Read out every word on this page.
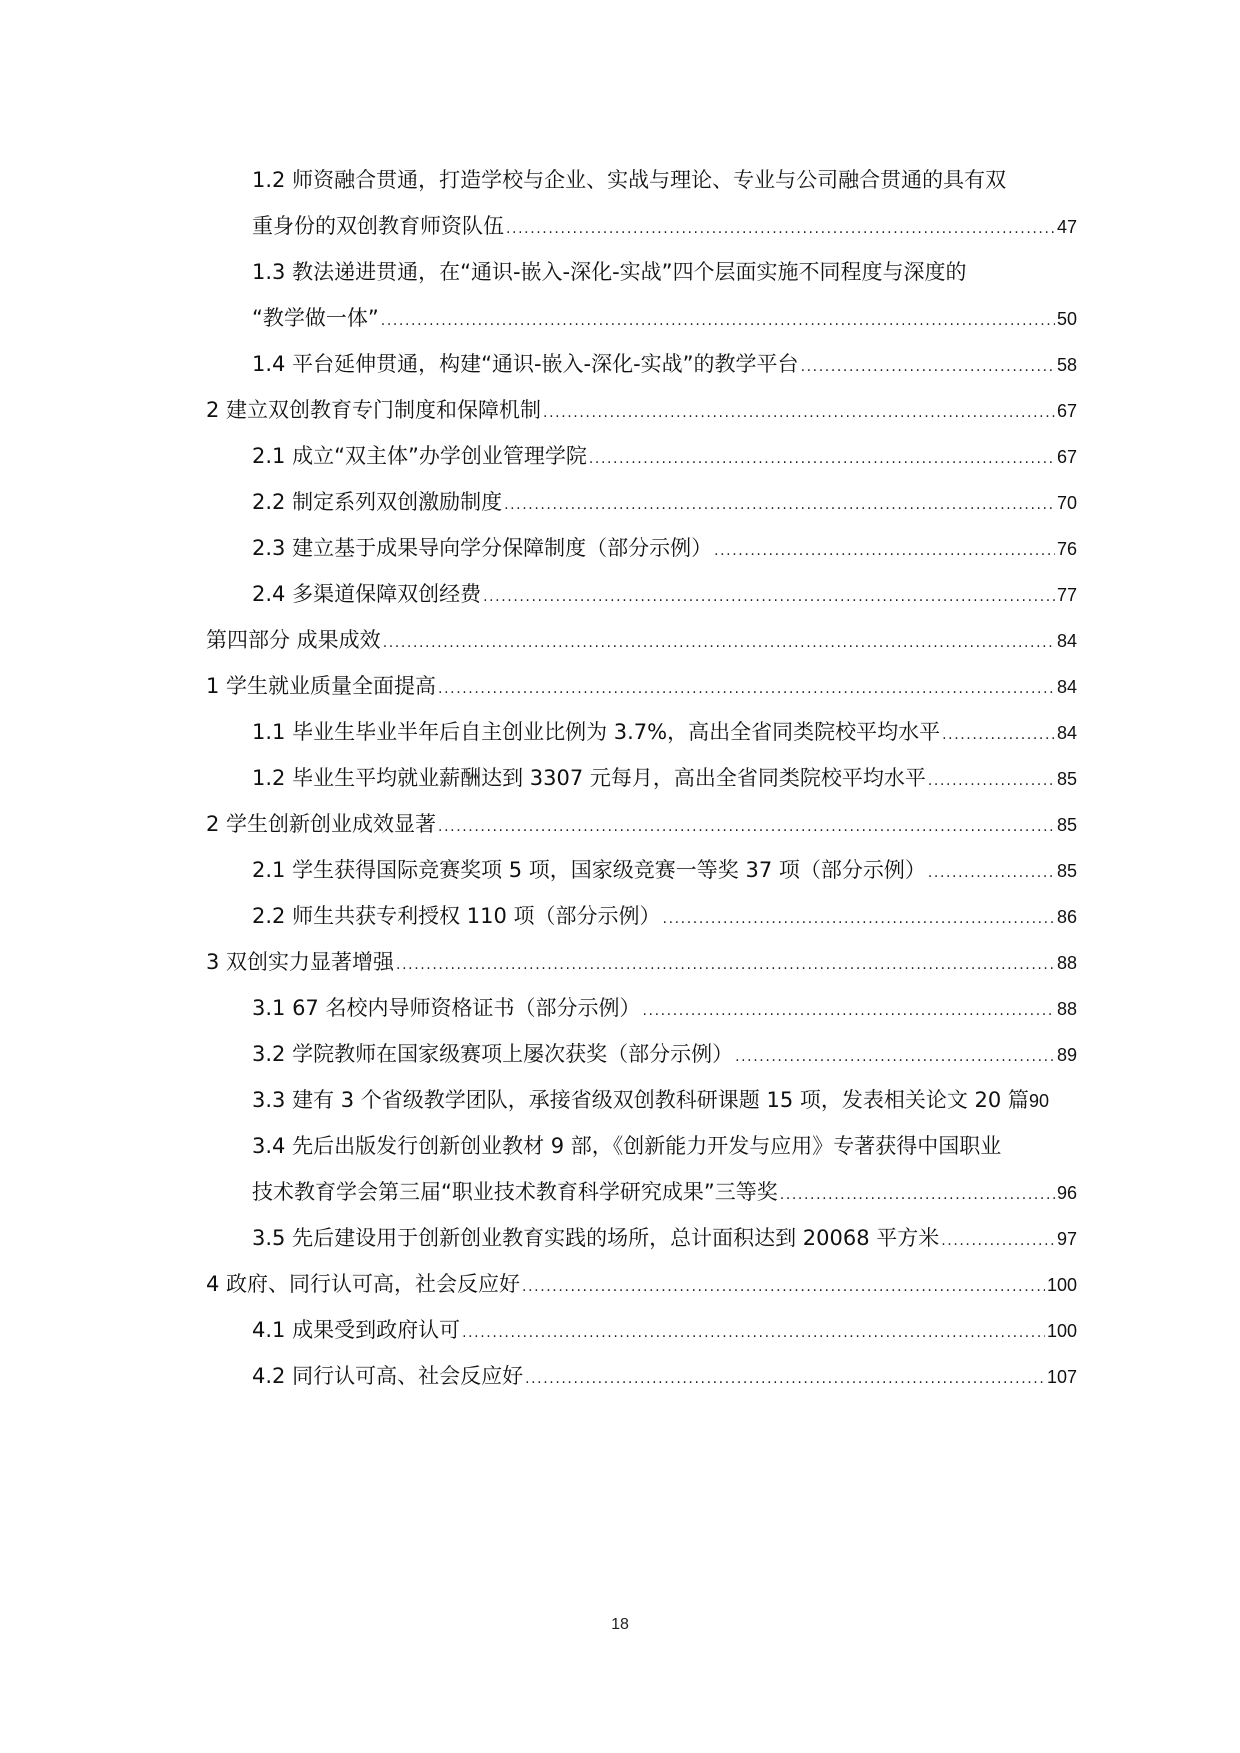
1.2 师资融合贯通，打造学校与企业、实战与理论、专业与公司融合贯通的具有双
重身份的双创教育师资队伍 .....	47
1.3 教法递进贯通，在“通识-嵌入-深化-实战”四个层面实施不同程度与深度的
“教学做一体” .....	50
1.4 平台延伸贯通，构建“通识-嵌入-深化-实战”的教学平台 .....	58
2 建立双创教育专门制度和保障机制 .....	67
2.1 成立“双主体”办学创业管理学院 .....	67
2.2 制定系列双创激励制度 .....	70
2.3 建立基于成果导向学分保障制度（部分示例） .....	76
2.4 多渠道保障双创经费 .....	77
第四部分 成果成效 .....	84
1 学生就业质量全面提高 .....	84
1.1 毕业生毕业半年后自主创业比例为 3.7%，高出全省同类院校平均水平 .....	84
1.2 毕业生平均就业薪酬达到 3307 元每月，高出全省同类院校平均水平 .....	85
2 学生创新创业成效显著 .....	85
2.1 学生获得国际竞赛奖项 5 项，国家级竞赛一等奖 37 项（部分示例） .....	85
2.2 师生共获专利授权 110 项（部分示例） .....	86
3 双创实力显著增强 .....	88
3.1 67 名校内导师资格证书（部分示例） .....	88
3.2 学院教师在国家级赛项上屡次获奖（部分示例） .....	89
3.3 建有 3 个省级教学团队，承接省级双创教科研课题 15 项，发表相关论文 20 篇 90
3.4 先后出版发行创新创业教材 9 部，《创新能力开发与应用》专著获得中国职业
技术教育学会第三届“职业技术教育科学研究成果”三等奖 .....	96
3.5 先后建设用于创新创业教育实践的场所，总计面积达到 20068 平方米 .....	97
4 政府、同行认可高，社会反应好 .....	100
4.1 成果受到政府认可 .....	100
4.2 同行认可高、社会反应好 .....	107
18
